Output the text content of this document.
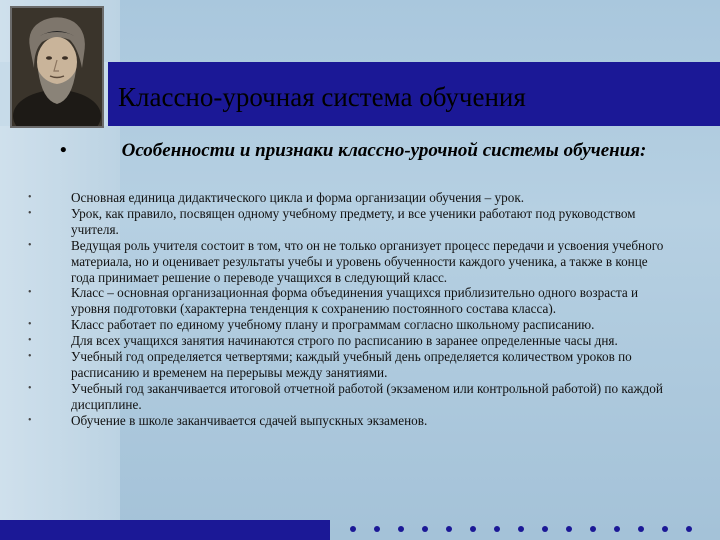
Классно-урочная система обучения
•	Особенности и признаки классно-урочной системы обучения:
•	Основная единица дидактического цикла и форма организации обучения – урок.
•	Урок, как правило, посвящен одному учебному предмету, и все ученики работают под руководством учителя.
•	Ведущая роль учителя состоит в том, что он не только организует процесс передачи и усвоения учебного материала, но и оценивает результаты учебы и уровень обученности каждого ученика, а также в конце года принимает решение о переводе учащихся в следующий класс.
•	Класс – основная организационная форма объединения учащихся приблизительно одного возраста и уровня подготовки (характерна тенденция к сохранению постоянного состава класса).
•	Класс работает по единому учебному плану и программам согласно школьному расписанию.
•	Для всех учащихся занятия начинаются строго по расписанию в заранее определенные часы дня.
•	Учебный год определяется четвертями; каждый учебный день определяется количеством уроков по расписанию и временем на перерывы между занятиями.
•	Учебный год заканчивается итоговой отчетной работой (экзаменом или контрольной работой) по каждой дисциплине.
•	Обучение в школе заканчивается сдачей выпускных экзаменов.
